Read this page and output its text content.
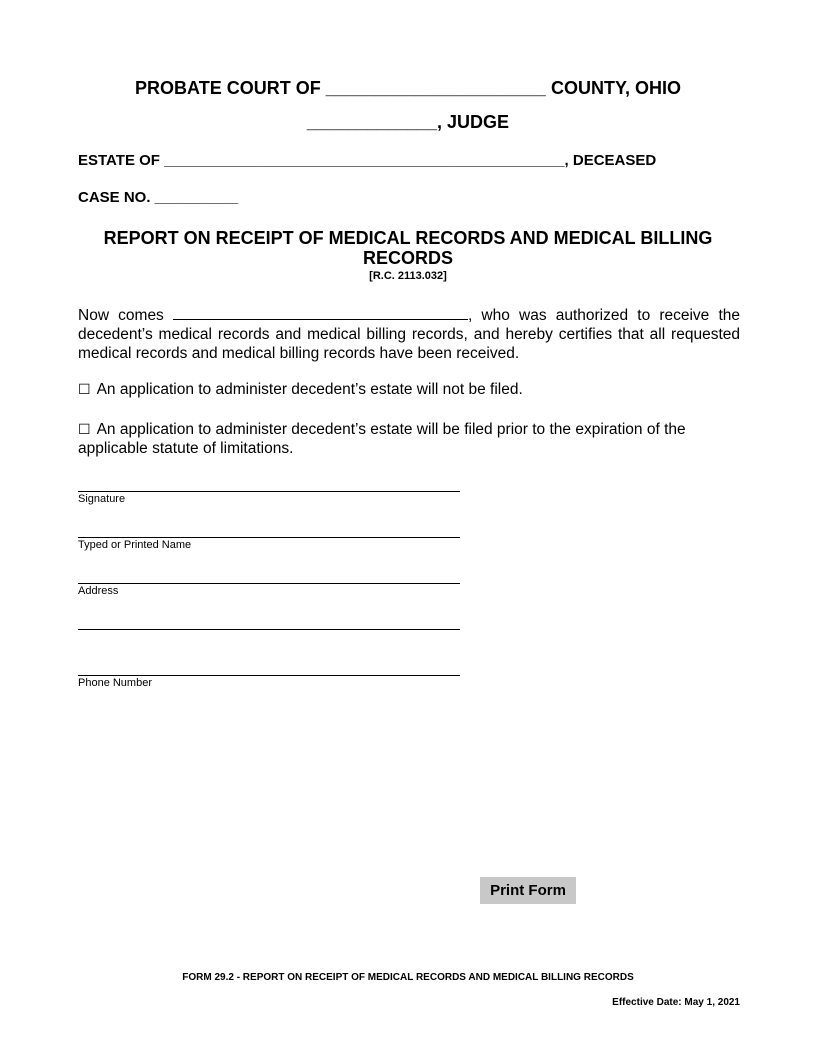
PROBATE COURT OF ______________________ COUNTY, OHIO
_____________, JUDGE
ESTATE OF ________________________________________________, DECEASED
CASE NO. __________
REPORT ON RECEIPT OF MEDICAL RECORDS AND MEDICAL BILLING RECORDS
[R.C. 2113.032]
Now comes	, who was authorized to receive the decedent’s medical records and medical billing records, and hereby certifies that all requested medical records and medical billing records have been received.
☐ An application to administer decedent’s estate will not be filed.
☐ An application to administer decedent’s estate will be filed prior to the expiration of the applicable statute of limitations.
Signature
Typed or Printed Name
Address
Phone Number
Print Form
FORM 29.2 - REPORT ON RECEIPT OF MEDICAL RECORDS AND MEDICAL BILLING RECORDS
Effective Date: May 1, 2021
